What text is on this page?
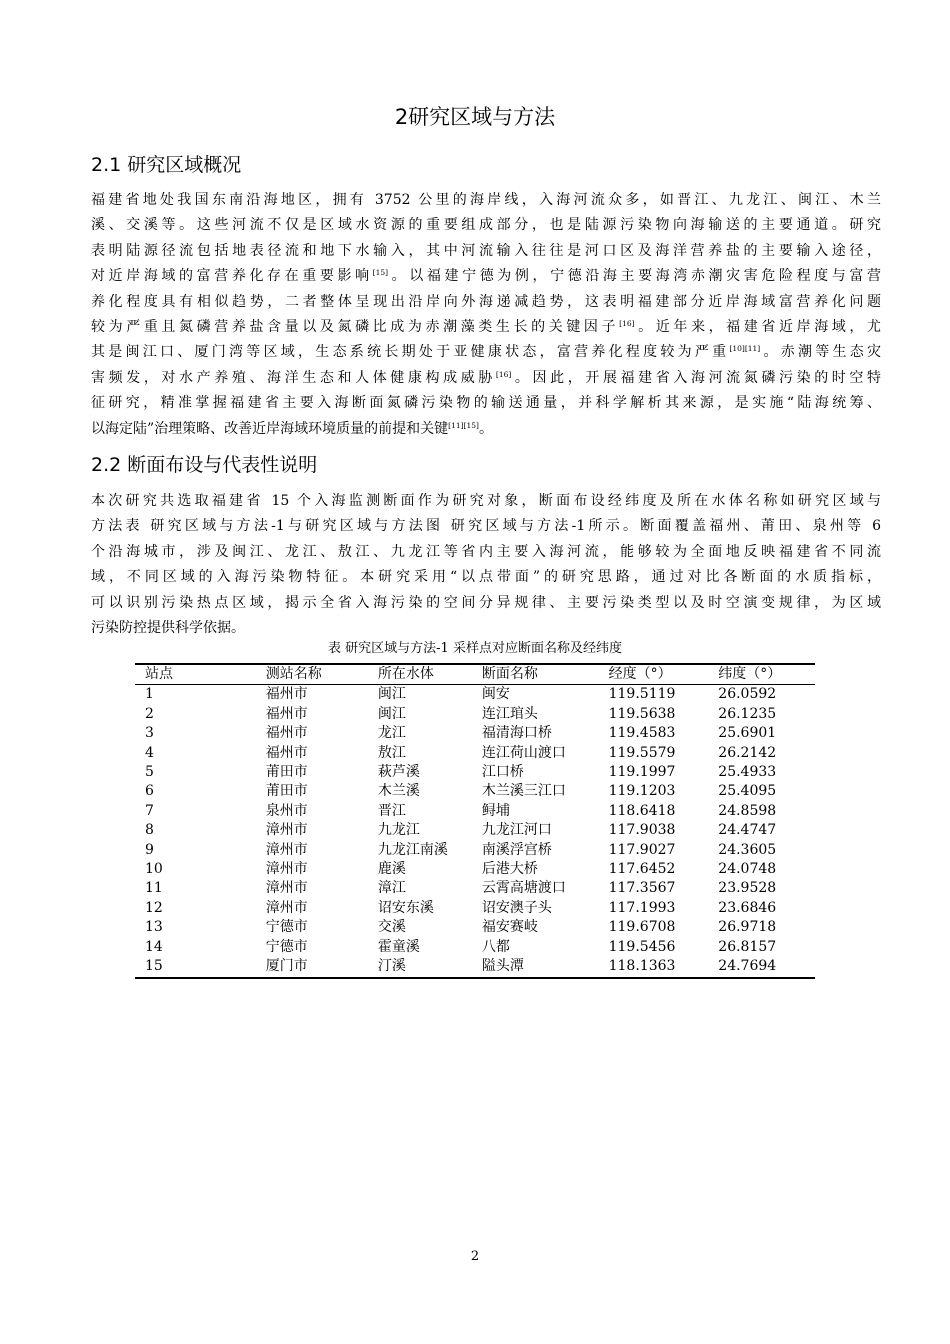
2研究区域与方法
2.1 研究区域概况
福建省地处我国东南沿海地区，拥有 3752 公里的海岸线，入海河流众多，如晋江、九龙江、闽江、木兰
溪、交溪等。这些河流不仅是区域水资源的重要组成部分，也是陆源污染物向海输送的主要通道。研究
表明陆源径流包括地表径流和地下水输入，其中河流输入往往是河口区及海洋营养盐的主要输入途径，
对近岸海域的富营养化存在重要影响[15]。以福建宁德为例，宁德沿海主要海湾赤潮灾害危险程度与富营
养化程度具有相似趋势，二者整体呈现出沿岸向外海递减趋势，这表明福建部分近岸海域富营养化问题
较为严重且氮磷营养盐含量以及氮磷比成为赤潮藻类生长的关键因子[16]。近年来，福建省近岸海域，尤
其是闽江口、厦门湾等区域，生态系统长期处于亚健康状态，富营养化程度较为严重[10][11]。赤潮等生态灾
害频发，对水产养殖、海洋生态和人体健康构成威胁[16]。因此，开展福建省入海河流氮磷污染的时空特
征研究，精准掌握福建省主要入海断面氮磷污染物的输送通量，并科学解析其来源，是实施“陆海统筹、
以海定陆”治理策略、改善近岸海域环境质量的前提和关键[11][15]。
2.2 断面布设与代表性说明
本次研究共选取福建省 15 个入海监测断面作为研究对象，断面布设经纬度及所在水体名称如研究区域与
方法表 研究区域与方法-1与研究区域与方法图 研究区域与方法-1所示。断面覆盖福州、莆田、泉州等 6
个沿海城市，涉及闽江、龙江、敖江、九龙江等省内主要入海河流，能够较为全面地反映福建省不同流
域，不同区域的入海污染物特征。本研究采用“以点带面”的研究思路，通过对比各断面的水质指标，
可以识别污染热点区域，揭示全省入海污染的空间分异规律、主要污染类型以及时空演变规律，为区域
污染防控提供科学依据。
表 研究区域与方法-1 采样点对应断面名称及经纬度
站点	测站名称	所在水体	断面名称	经度（°）	纬度（°）
1	福州市	闽江	闽安	119.5119	26.0592
2	福州市	闽江	连江琯头	119.5638	26.1235
3	福州市	龙江	福清海口桥	119.4583	25.6901
4	福州市	敖江	连江荷山渡口	119.5579	26.2142
5	莆田市	萩芦溪	江口桥	119.1997	25.4933
6	莆田市	木兰溪	木兰溪三江口	119.1203	25.4095
7	泉州市	晋江	鲟埔	118.6418	24.8598
8	漳州市	九龙江	九龙江河口	117.9038	24.4747
9	漳州市	九龙江南溪	南溪浮宫桥	117.9027	24.3605
10	漳州市	鹿溪	后港大桥	117.6452	24.0748
11	漳州市	漳江	云霄高塘渡口	117.3567	23.9528
12	漳州市	诏安东溪	诏安澳子头	117.1993	23.6846
13	宁德市	交溪	福安赛岐	119.6708	26.9718
14	宁德市	霍童溪	八都	119.5456	26.8157
15	厦门市	汀溪	隘头潭	118.1363	24.7694
2
